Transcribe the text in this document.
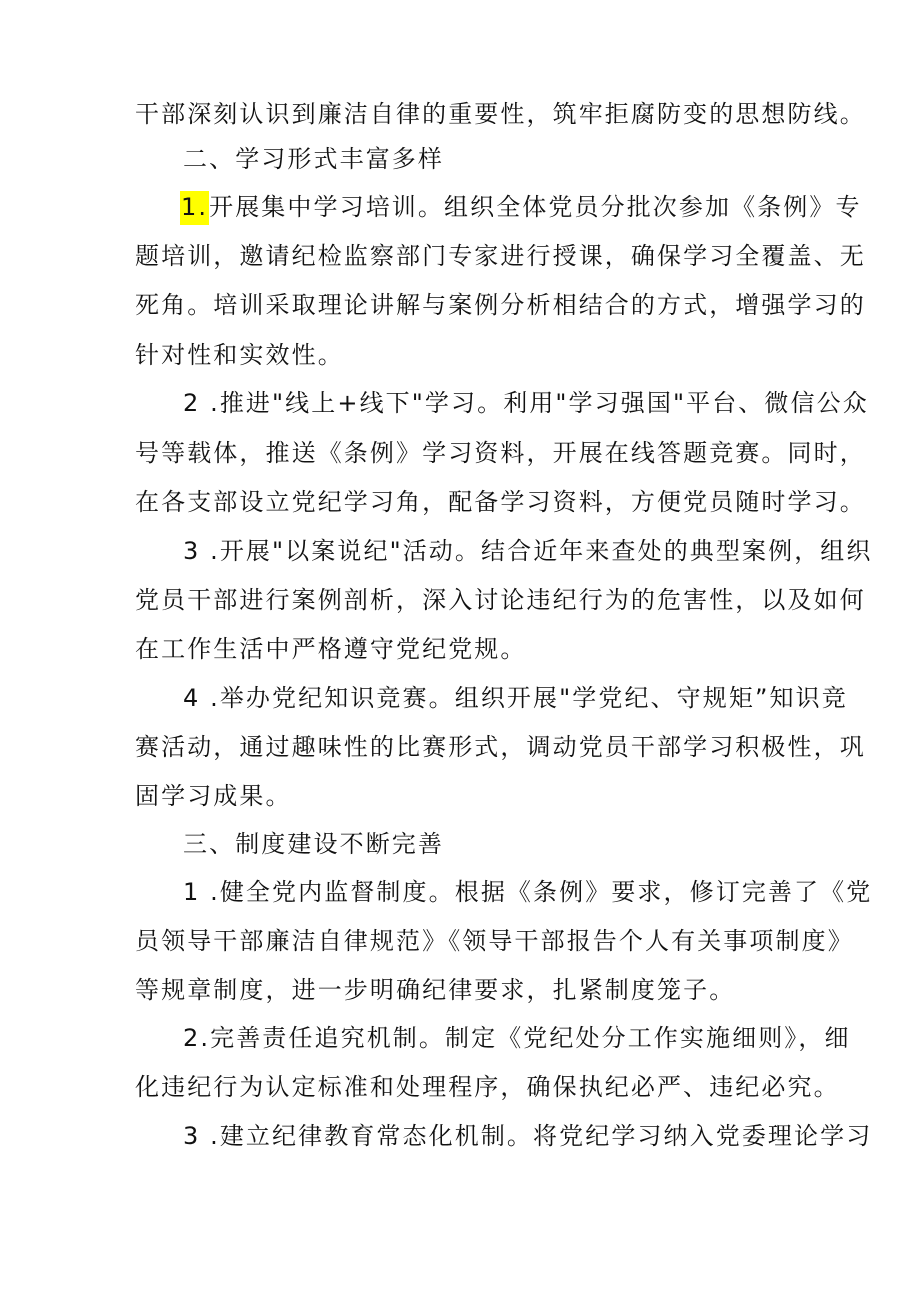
干部深刻认识到廉洁自律的重要性，筑牢拒腐防变的思想防线。
二、学习形式丰富多样
1.开展集中学习培训。组织全体党员分批次参加《条例》专
题培训，邀请纪检监察部门专家进行授课，确保学习全覆盖、无
死角。培训采取理论讲解与案例分析相结合的方式，增强学习的
针对性和实效性。
2 .推进"线上+线下"学习。利用"学习强国"平台、微信公众
号等载体，推送《条例》学习资料，开展在线答题竞赛。同时，
在各支部设立党纪学习角，配备学习资料，方便党员随时学习。
3 .开展"以案说纪"活动。结合近年来查处的典型案例，组织
党员干部进行案例剖析，深入讨论违纪行为的危害性，以及如何
在工作生活中严格遵守党纪党规。
4 .举办党纪知识竞赛。组织开展"学党纪、守规矩”知识竞
赛活动，通过趣味性的比赛形式，调动党员干部学习积极性，巩
固学习成果。
三、制度建设不断完善
1 .健全党内监督制度。根据《条例》要求，修订完善了《党
员领导干部廉洁自律规范》《领导干部报告个人有关事项制度》
等规章制度，进一步明确纪律要求，扎紧制度笼子。
2.完善责任追究机制。制定《党纪处分工作实施细则》，细
化违纪行为认定标准和处理程序，确保执纪必严、违纪必究。
3 .建立纪律教育常态化机制。将党纪学习纳入党委理论学习
